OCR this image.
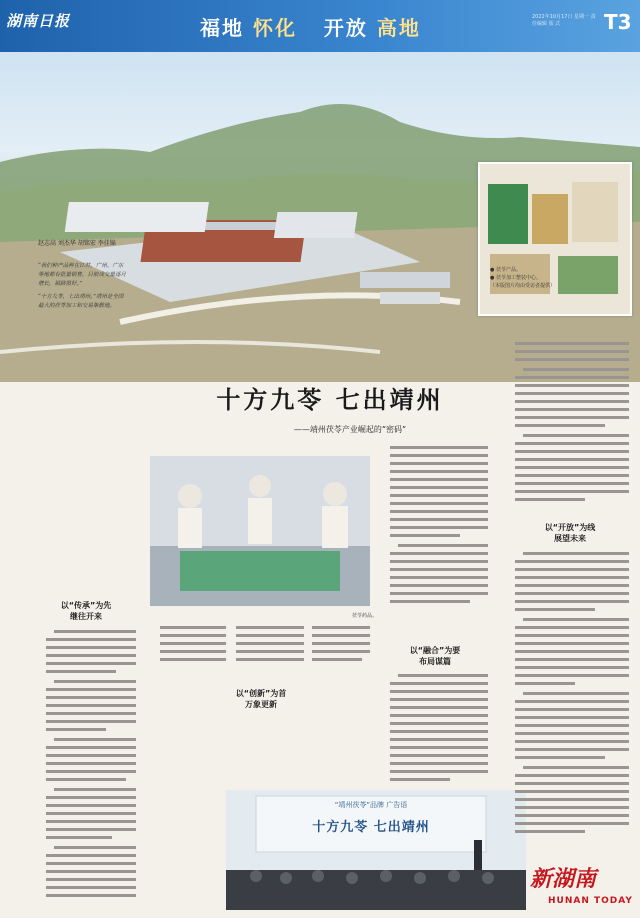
湖南日报	福地 怀化 开放 高地	2022年10月17日 星期一 责任编辑 版 式	T3
● 茯苓产品。
● 茯苓加工整装中心。
（本版图片均由受访者提供）
赵志高 刘杰华 胡铭宏 李佳锦

“我们种产品种在江苏，广州、广东等地都有批量销售，目前成交量逐月增长，销路很好。”

“十方九苓，七出靖州。”靖州是全国最大的茯苓加工和交易集散地。

十方九苓 七出靖州
——靖州茯苓产业崛起的“密码”
茯苓药品。
以“传承”为先
继往开来
以“创新”为首
万象更新
“靖州茯苓”品牌 广告语
十方九苓 七出靖州
以“融合”为要
布局谋篇
以“开放”为线
展望未来
新湖南
HUNAN TODAY
